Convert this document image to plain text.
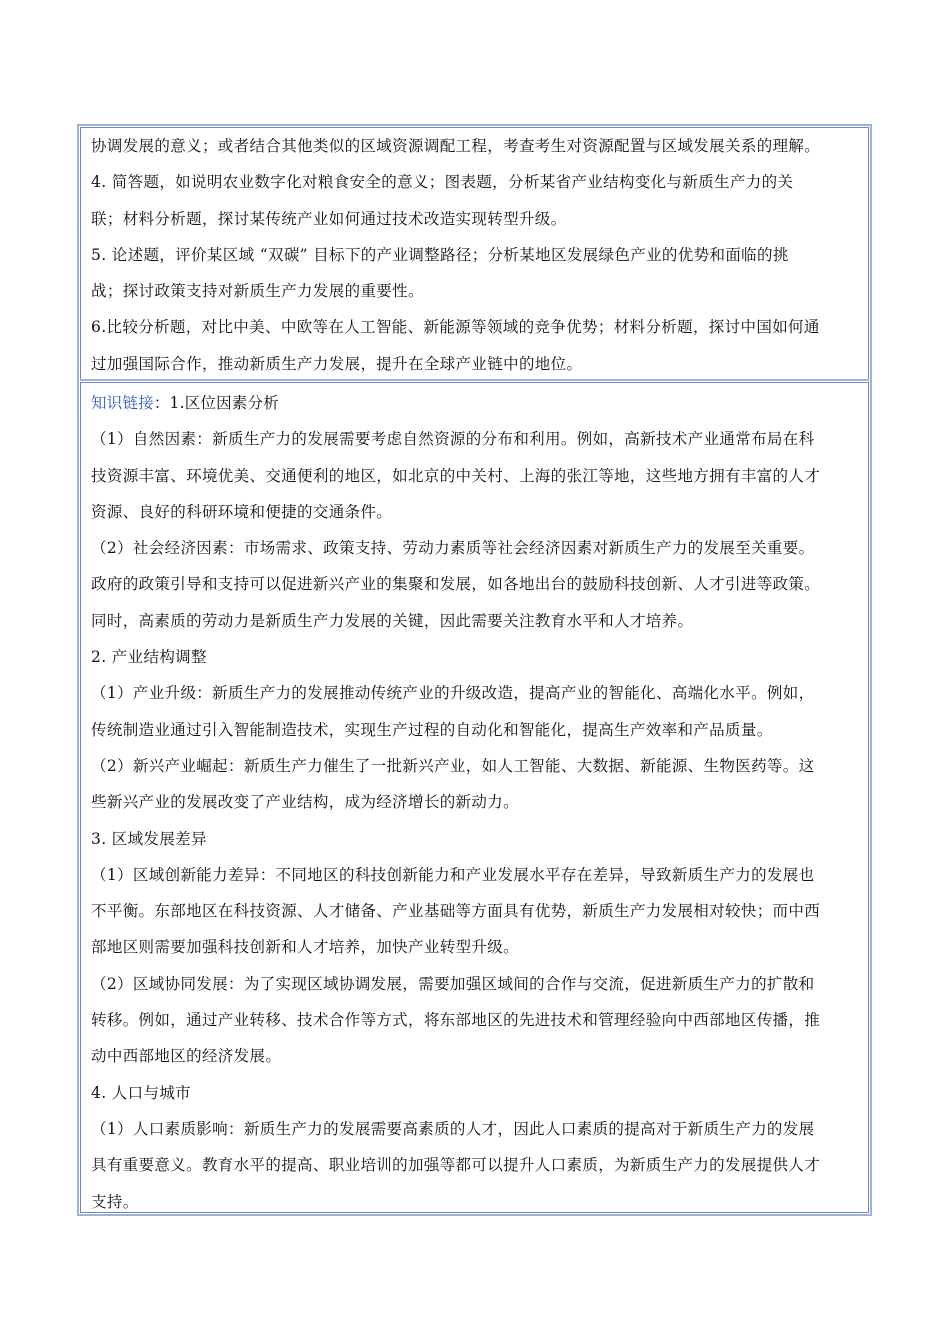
协调发展的意义；或者结合其他类似的区域资源调配工程，考查考生对资源配置与区域发展关系的理解。

4. 简答题，如说明农业数字化对粮食安全的意义；图表题，分析某省产业结构变化与新质生产力的关

联；材料分析题，探讨某传统产业如何通过技术改造实现转型升级。

5. 论述题，评价某区域 “双碳” 目标下的产业调整路径；分析某地区发展绿色产业的优势和面临的挑

战；探讨政策支持对新质生产力发展的重要性。

6.比较分析题，对比中美、中欧等在人工智能、新能源等领域的竞争优势；材料分析题，探讨中国如何通

过加强国际合作，推动新质生产力发展，提升在全球产业链中的地位。

知识链接：1.区位因素分析

（1）自然因素：新质生产力的发展需要考虑自然资源的分布和利用。例如，高新技术产业通常布局在科

技资源丰富、环境优美、交通便利的地区，如北京的中关村、上海的张江等地，这些地方拥有丰富的人才

资源、良好的科研环境和便捷的交通条件。

（2）社会经济因素：市场需求、政策支持、劳动力素质等社会经济因素对新质生产力的发展至关重要。

政府的政策引导和支持可以促进新兴产业的集聚和发展，如各地出台的鼓励科技创新、人才引进等政策。

同时，高素质的劳动力是新质生产力发展的关键，因此需要关注教育水平和人才培养。

2. 产业结构调整

（1）产业升级：新质生产力的发展推动传统产业的升级改造，提高产业的智能化、高端化水平。例如，

传统制造业通过引入智能制造技术，实现生产过程的自动化和智能化，提高生产效率和产品质量。

（2）新兴产业崛起：新质生产力催生了一批新兴产业，如人工智能、大数据、新能源、生物医药等。这

些新兴产业的发展改变了产业结构，成为经济增长的新动力。

3. 区域发展差异

（1）区域创新能力差异：不同地区的科技创新能力和产业发展水平存在差异，导致新质生产力的发展也

不平衡。东部地区在科技资源、人才储备、产业基础等方面具有优势，新质生产力发展相对较快；而中西

部地区则需要加强科技创新和人才培养，加快产业转型升级。

（2）区域协同发展：为了实现区域协调发展，需要加强区域间的合作与交流，促进新质生产力的扩散和

转移。例如，通过产业转移、技术合作等方式，将东部地区的先进技术和管理经验向中西部地区传播，推

动中西部地区的经济发展。

4. 人口与城市

（1）人口素质影响：新质生产力的发展需要高素质的人才，因此人口素质的提高对于新质生产力的发展

具有重要意义。教育水平的提高、职业培训的加强等都可以提升人口素质，为新质生产力的发展提供人才

支持。
